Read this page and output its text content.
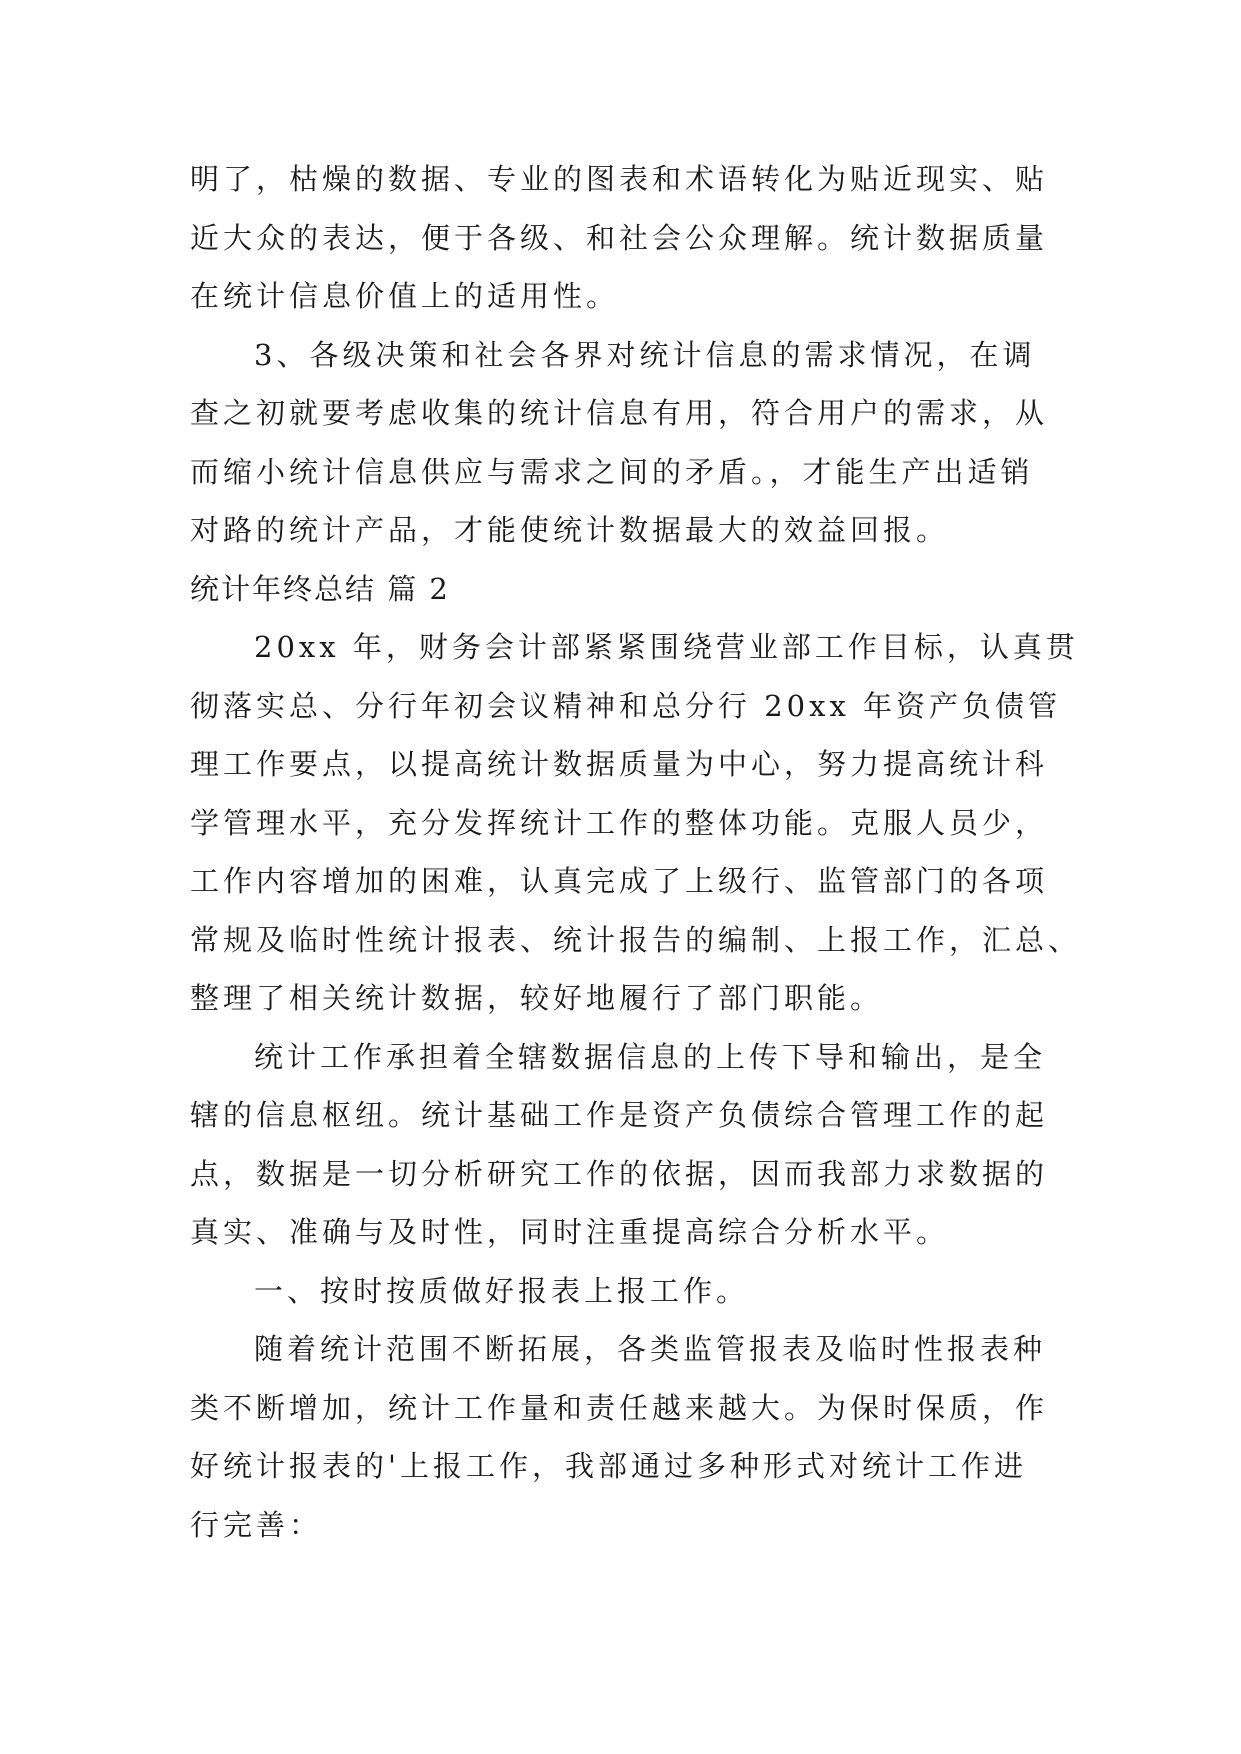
明了，枯燥的数据、专业的图表和术语转化为贴近现实、贴
近大众的表达，便于各级、和社会公众理解。统计数据质量
在统计信息价值上的适用性。
3、各级决策和社会各界对统计信息的需求情况，在调
查之初就要考虑收集的统计信息有用，符合用户的需求，从
而缩小统计信息供应与需求之间的矛盾。，才能生产出适销
对路的统计产品，才能使统计数据最大的效益回报。
统计年终总结 篇 2
20xx 年，财务会计部紧紧围绕营业部工作目标，认真贯
彻落实总、分行年初会议精神和总分行 20xx 年资产负债管
理工作要点，以提高统计数据质量为中心，努力提高统计科
学管理水平，充分发挥统计工作的整体功能。克服人员少，
工作内容增加的困难，认真完成了上级行、监管部门的各项
常规及临时性统计报表、统计报告的编制、上报工作，汇总、
整理了相关统计数据，较好地履行了部门职能。
统计工作承担着全辖数据信息的上传下导和输出，是全
辖的信息枢纽。统计基础工作是资产负债综合管理工作的起
点，数据是一切分析研究工作的依据，因而我部力求数据的
真实、准确与及时性，同时注重提高综合分析水平。
一、按时按质做好报表上报工作。
随着统计范围不断拓展，各类监管报表及临时性报表种
类不断增加，统计工作量和责任越来越大。为保时保质，作
好统计报表的'上报工作，我部通过多种形式对统计工作进
行完善：
